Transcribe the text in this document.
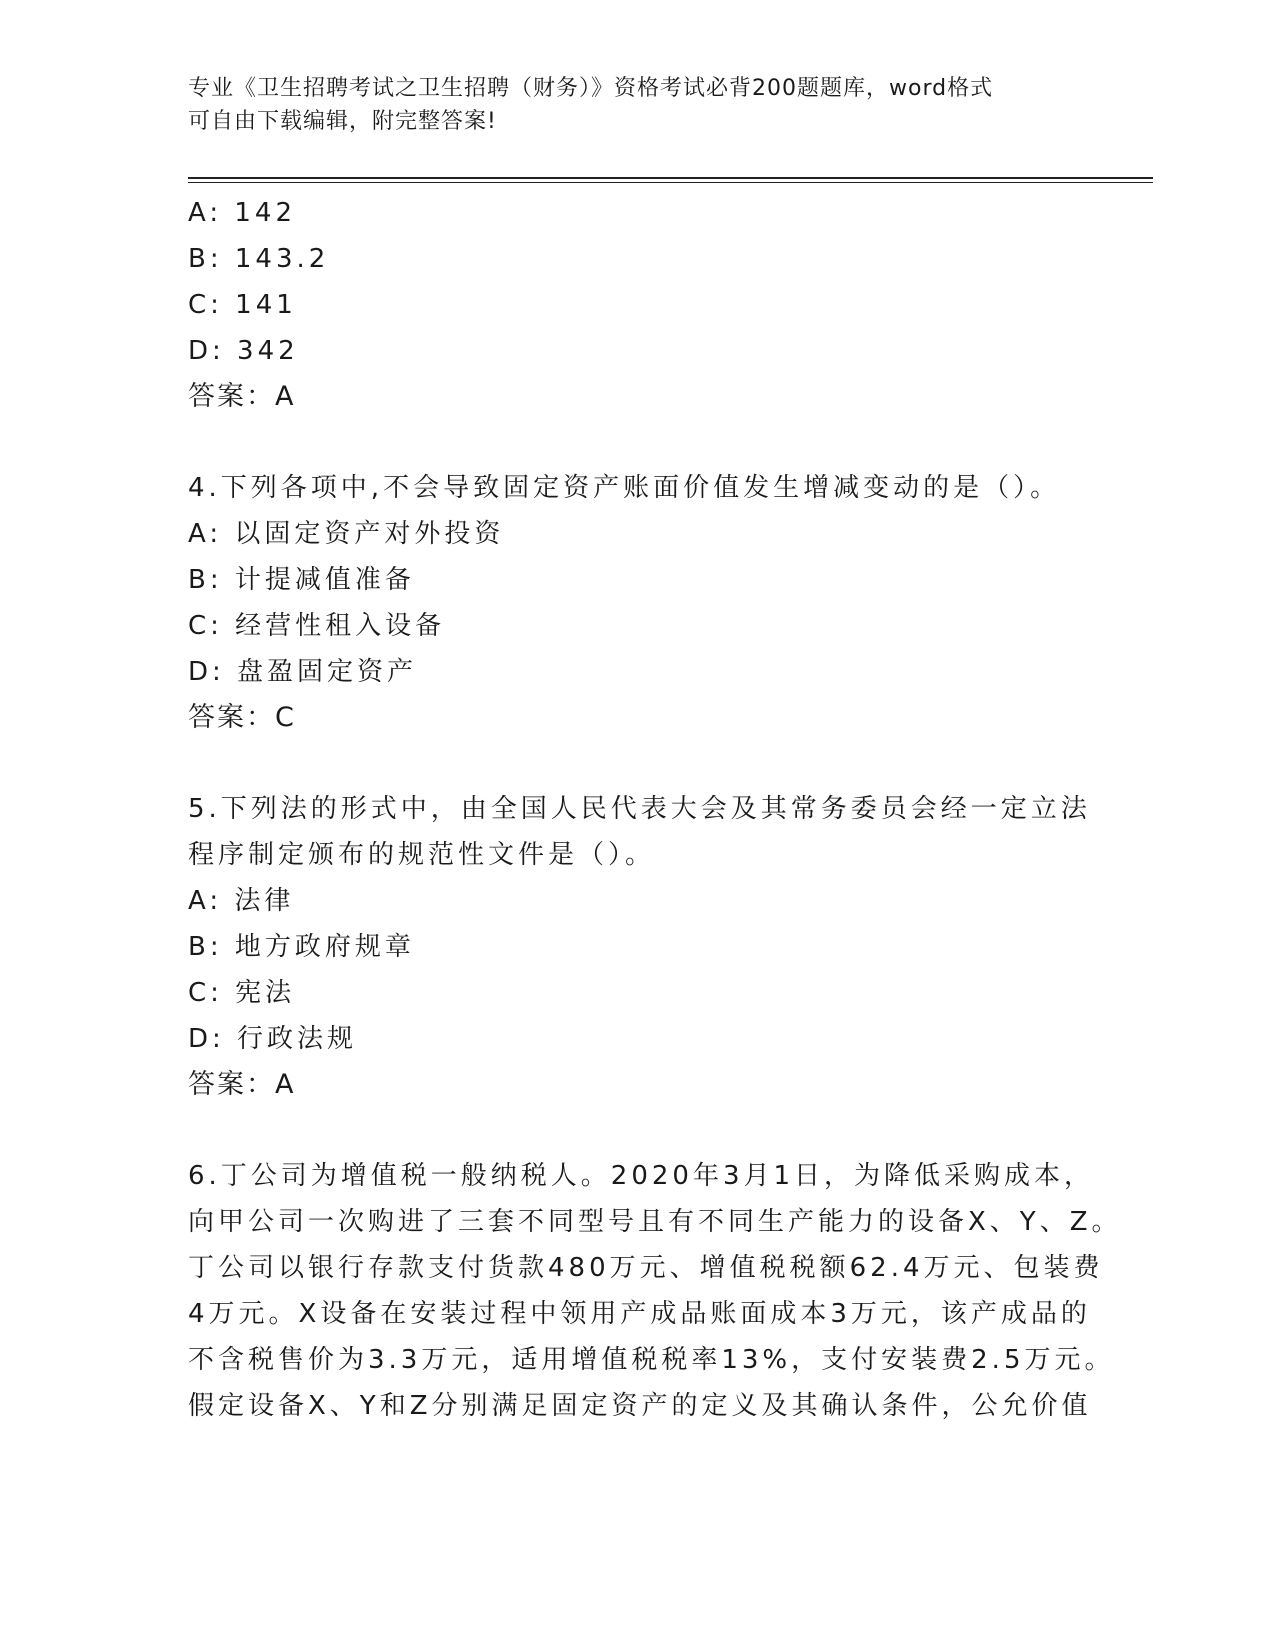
专业《卫生招聘考试之卫生招聘（财务）》资格考试必背200题题库，word格式
可自由下载编辑，附完整答案!
A: 142
B: 143.2
C: 141
D: 342
答案：A
4.下列各项中,不会导致固定资产账面价值发生增减变动的是（）。
A: 以固定资产对外投资
B: 计提减值准备
C: 经营性租入设备
D: 盘盈固定资产
答案：C
5.下列法的形式中，由全国人民代表大会及其常务委员会经一定立法
程序制定颁布的规范性文件是（）。
A: 法律
B: 地方政府规章
C: 宪法
D: 行政法规
答案：A
6.丁公司为增值税一般纳税人。2020年3月1日，为降低采购成本，
向甲公司一次购进了三套不同型号且有不同生产能力的设备X、Y、Z。
丁公司以银行存款支付货款480万元、增值税税额62.4万元、包装费
4万元。X设备在安装过程中领用产成品账面成本3万元，该产成品的
不含税售价为3.3万元，适用增值税税率13%，支付安装费2.5万元。
假定设备X、Y和Z分别满足固定资产的定义及其确认条件，公允价值
